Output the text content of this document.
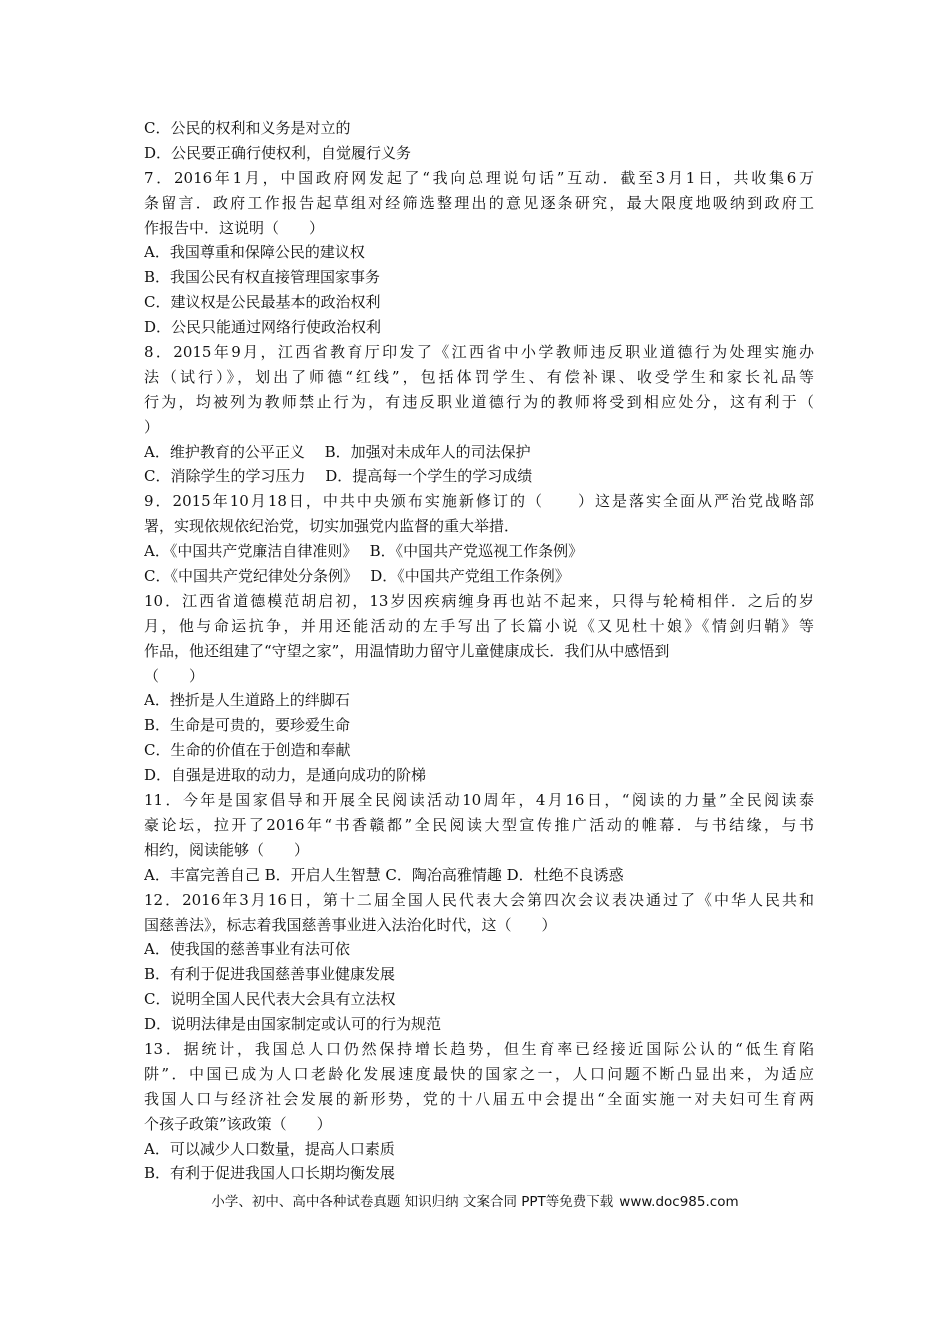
C．公民的权利和义务是对立的
D．公民要正确行使权利，自觉履行义务
7．2016年1月，中国政府网发起了“我向总理说句话”互动．截至3月1日，共收集6万
条留言．政府工作报告起草组对经筛选整理出的意见逐条研究，最大限度地吸纳到政府工
作报告中．这说明（　　）
A．我国尊重和保障公民的建议权
B．我国公民有权直接管理国家事务
C．建议权是公民最基本的政治权利
D．公民只能通过网络行使政治权利
8．2015年9月，江西省教育厅印发了《江西省中小学教师违反职业道德行为处理实施办
法（试行）》，划出了师德“红线”，包括体罚学生、有偿补课、收受学生和家长礼品等
行为，均被列为教师禁止行为，有违反职业道德行为的教师将受到相应处分，这有利于（
）
A．维护教育的公平正义　 B．加强对未成年人的司法保护
C．消除学生的学习压力　 D．提高每一个学生的学习成绩
9．2015年10月18日，中共中央颁布实施新修订的（　　）这是落实全面从严治党战略部
署，实现依规依纪治党，切实加强党内监督的重大举措．
A．《中国共产党廉洁自律准则》　 B．《中国共产党巡视工作条例》
C．《中国共产党纪律处分条例》　 D．《中国共产党组工作条例》
10．江西省道德模范胡启初，13岁因疾病缠身再也站不起来，只得与轮椅相伴．之后的岁
月，他与命运抗争，并用还能活动的左手写出了长篇小说《又见杜十娘》《情剑归鞘》等
作品，他还组建了“守望之家”，用温情助力留守儿童健康成长．我们从中感悟到
（　　）
A．挫折是人生道路上的绊脚石
B．生命是可贵的，要珍爱生命
C．生命的价值在于创造和奉献
D．自强是进取的动力，是通向成功的阶梯
11．今年是国家倡导和开展全民阅读活动10周年，4月16日，“阅读的力量”全民阅读泰
豪论坛，拉开了2016年“书香赣都”全民阅读大型宣传推广活动的帷幕．与书结缘，与书
相约，阅读能够（　　）
A．丰富完善自己 B．开启人生智慧 C．陶冶高雅情趣 D．杜绝不良诱惑
12．2016年3月16日，第十二届全国人民代表大会第四次会议表决通过了《中华人民共和
国慈善法》，标志着我国慈善事业进入法治化时代，这（　　）
A．使我国的慈善事业有法可依
B．有利于促进我国慈善事业健康发展
C．说明全国人民代表大会具有立法权
D．说明法律是由国家制定或认可的行为规范
13．据统计，我国总人口仍然保持增长趋势，但生育率已经接近国际公认的“低生育陷
阱”．中国已成为人口老龄化发展速度最快的国家之一，人口问题不断凸显出来，为适应
我国人口与经济社会发展的新形势，党的十八届五中会提出“全面实施一对夫妇可生育两
个孩子政策”该政策（　　）
A．可以减少人口数量，提高人口素质
B．有利于促进我国人口长期均衡发展
小学、初中、高中各种试卷真题 知识归纳 文案合同 PPT等免费下载 www.doc985.com
